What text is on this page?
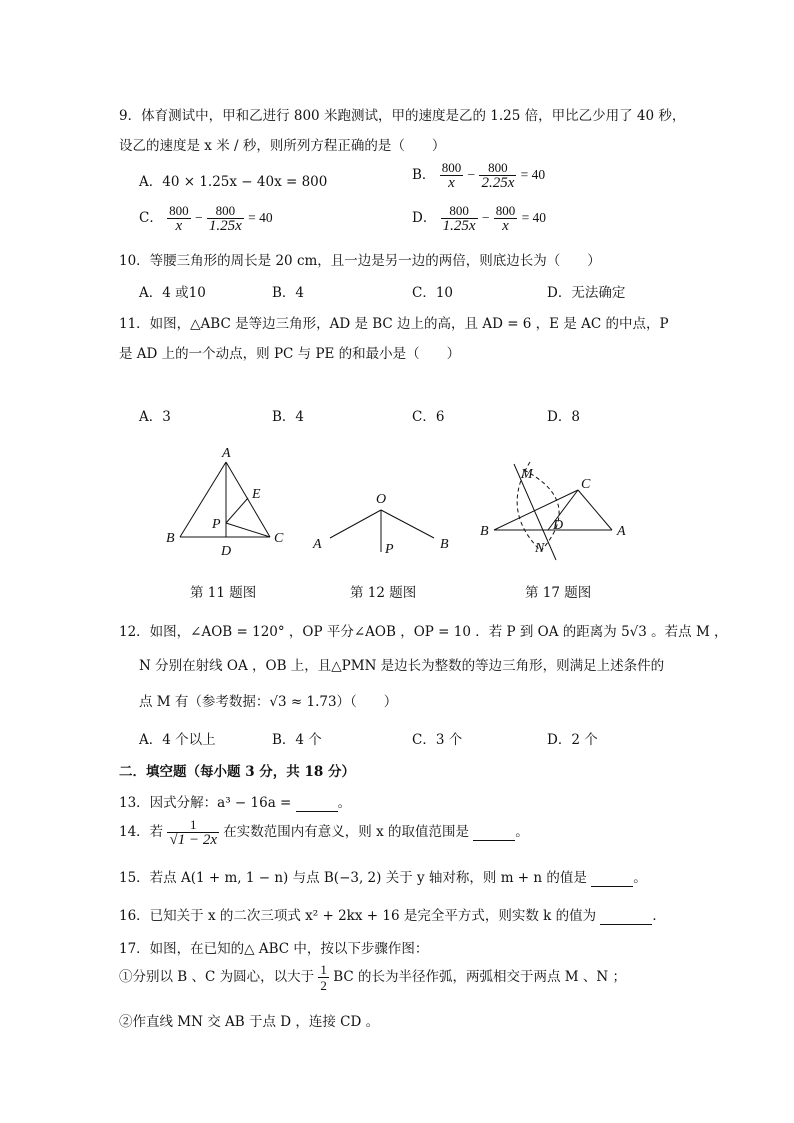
9．体育测试中，甲和乙进行 800 米跑测试，甲的速度是乙的 1.25 倍，甲比乙少用了 40 秒，
设乙的速度是 x 米 / 秒，则所列方程正确的是（　　）
A．40 × 1.25x − 40x = 800	B． $\frac{800}{x} - \frac{800}{2.25x} = 40$
C． $\frac{800}{x} - \frac{800}{1.25x} = 40$	D． $\frac{800}{1.25x} - \frac{800}{x} = 40$
10．等腰三角形的周长是 20 cm，且一边是另一边的两倍，则底边长为（　　）
A．4 或10	B．4	C．10	D．无法确定
11．如图，△ABC 是等边三角形，AD 是 BC 边上的高，且 AD = 6 ，E 是 AC 的中点，P
是 AD 上的一个动点，则 PC 与 PE 的和最小是（　　）
A．3	B．4	C．6	D．8
A
B	C
D
E
P
O
A	B
P
M
N
B	A
C
D
第 11 题图	第 12 题图	第 17 题图
12．如图，∠AOB = 120° ，OP 平分∠AOB ，OP = 10 ．若 P 到 OA 的距离为 5√3 。若点 M ，
N 分别在射线 OA ，OB 上，且△PMN 是边长为整数的等边三角形，则满足上述条件的
点 M 有（参考数据：√3 ≈ 1.73）（　　）
A．4 个以上	B．4 个	C．3 个	D．2 个
二．填空题（每小题 3 分，共 18 分）
13．因式分解：a³ − 16a =	。
14．若 $\frac{1}{√1 - 2x}$ 在实数范围内有意义，则 x 的取值范围是	。
15．若点 A(1 + m, 1 − n) 与点 B(−3, 2) 关于 y 轴对称，则 m + n 的值是	。
16．已知关于 x 的二次三项式 x² + 2kx + 16 是完全平方式，则实数 k 的值为	．
17．如图，在已知的△ ABC 中，按以下步骤作图：
①分别以 B 、C 为圆心，以大于 $\frac{1}{2}$ BC 的长为半径作弧，两弧相交于两点 M 、N ；
②作直线 MN 交 AB 于点 D ，连接 CD 。
